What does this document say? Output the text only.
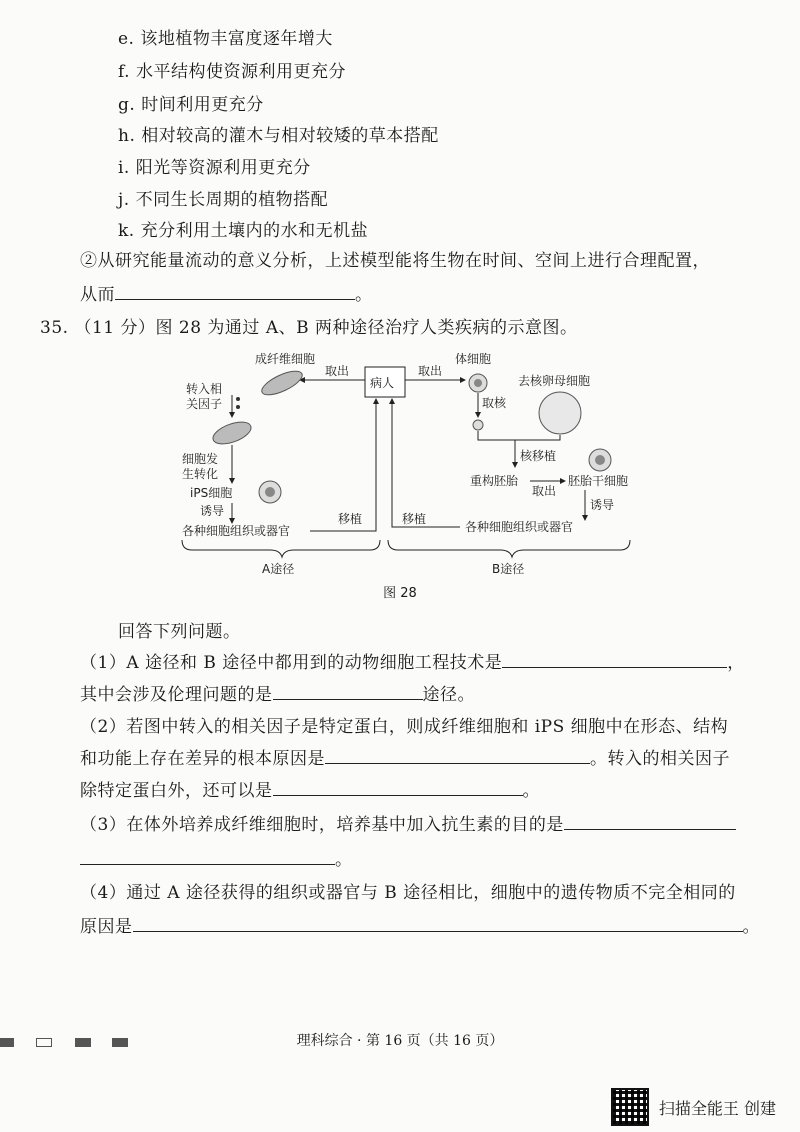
e. 该地植物丰富度逐年增大
f. 水平结构使资源利用更充分
g. 时间利用更充分
h. 相对较高的灌木与相对较矮的草本搭配
i. 阳光等资源利用更充分
j. 不同生长周期的植物搭配
k. 充分利用土壤内的水和无机盐
②从研究能量流动的意义分析，上述模型能将生物在时间、空间上进行合理配置，
从而	。
35. （11 分）图 28 为通过 A、B 两种途径治疗人类疾病的示意图。
病人
取出
成纤维细胞
转入相
关因子
细胞发
生转化
iPS细胞
诱导
各种细胞组织或器官
移植
取出
体细胞
取核
去核卵母细胞
核移植
重构胚胎
取出
胚胎干细胞
诱导
各种细胞组织或器官
移植
A途径	B途径
图 28
回答下列问题。
（1）A 途径和 B 途径中都用到的动物细胞工程技术是	，
其中会涉及伦理问题的是	途径。
（2）若图中转入的相关因子是特定蛋白，则成纤维细胞和 iPS 细胞中在形态、结构
和功能上存在差异的根本原因是	。转入的相关因子
除特定蛋白外，还可以是	。
（3）在体外培养成纤维细胞时，培养基中加入抗生素的目的是
。
（4）通过 A 途径获得的组织或器官与 B 途径相比，细胞中的遗传物质不完全相同的
原因是	。
理科综合 · 第 16 页（共 16 页）
扫描全能王 创建
